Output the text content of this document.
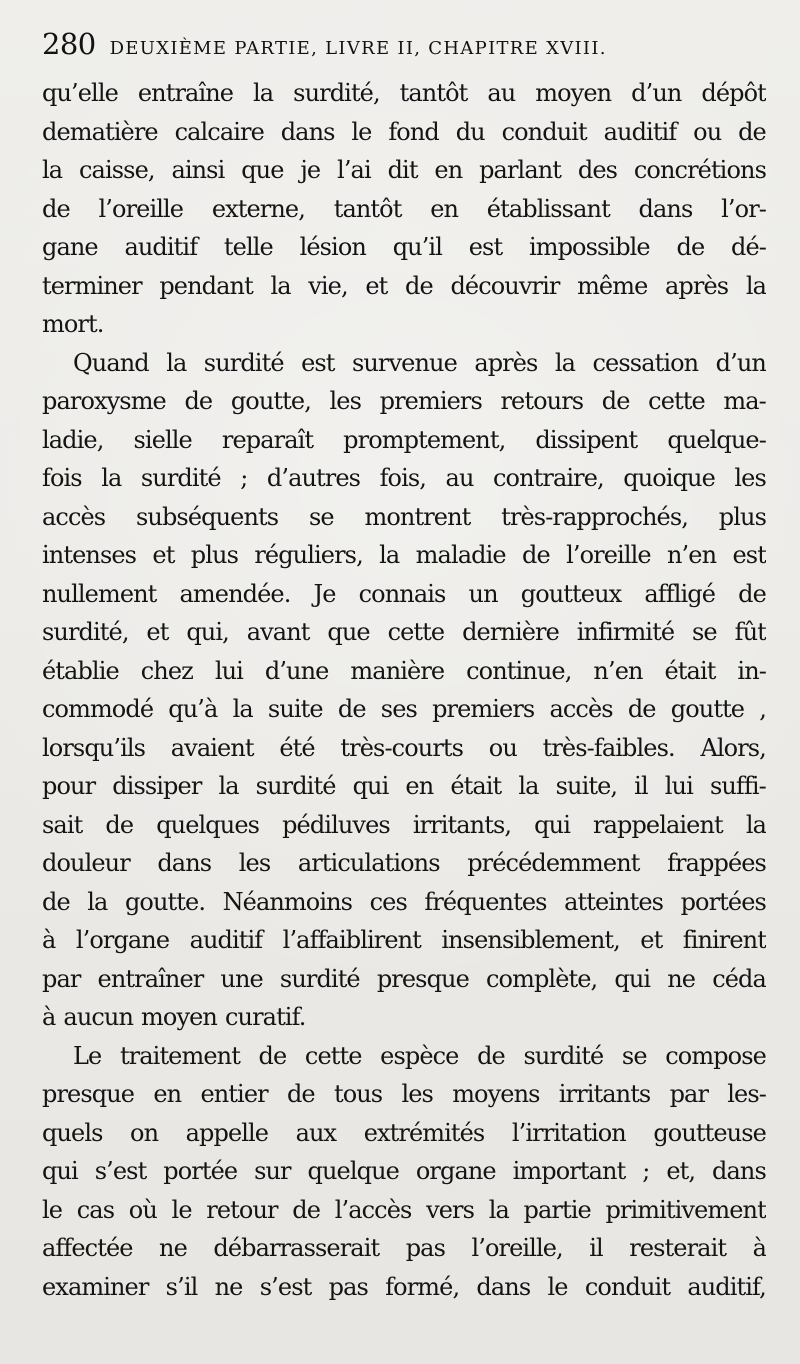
280 DEUXIÈME PARTIE, LIVRE II, CHAPITRE XVIII.
qu’elle entraîne la surdité, tantôt au moyen d’un dépôt
dematière calcaire dans le fond du conduit auditif ou de
la caisse, ainsi que je l’ai dit en parlant des concrétions
de l’oreille externe, tantôt en établissant dans l’or-
gane auditif telle lésion qu’il est impossible de dé-
terminer pendant la vie, et de découvrir même après la
mort.
Quand la surdité est survenue après la cessation d’un
paroxysme de goutte, les premiers retours de cette ma-
ladie, sielle reparaît promptement, dissipent quelque-
fois la surdité ; d’autres fois, au contraire, quoique les
accès subséquents se montrent très-rapprochés, plus
intenses et plus réguliers, la maladie de l’oreille n’en est
nullement amendée. Je connais un goutteux affligé de
surdité, et qui, avant que cette dernière infirmité se fût
établie chez lui d’une manière continue, n’en était in-
commodé qu’à la suite de ses premiers accès de goutte ,
lorsqu’ils avaient été très-courts ou très-faibles. Alors,
pour dissiper la surdité qui en était la suite, il lui suffi-
sait de quelques pédiluves irritants, qui rappelaient la
douleur dans les articulations précédemment frappées
de la goutte. Néanmoins ces fréquentes atteintes portées
à l’organe auditif l’affaiblirent insensiblement, et finirent
par entraîner une surdité presque complète, qui ne céda
à aucun moyen curatif.
Le traitement de cette espèce de surdité se compose
presque en entier de tous les moyens irritants par les-
quels on appelle aux extrémités l’irritation goutteuse
qui s’est portée sur quelque organe important ; et, dans
le cas où le retour de l’accès vers la partie primitivement
affectée ne débarrasserait pas l’oreille, il resterait à
examiner s’il ne s’est pas formé, dans le conduit auditif,
